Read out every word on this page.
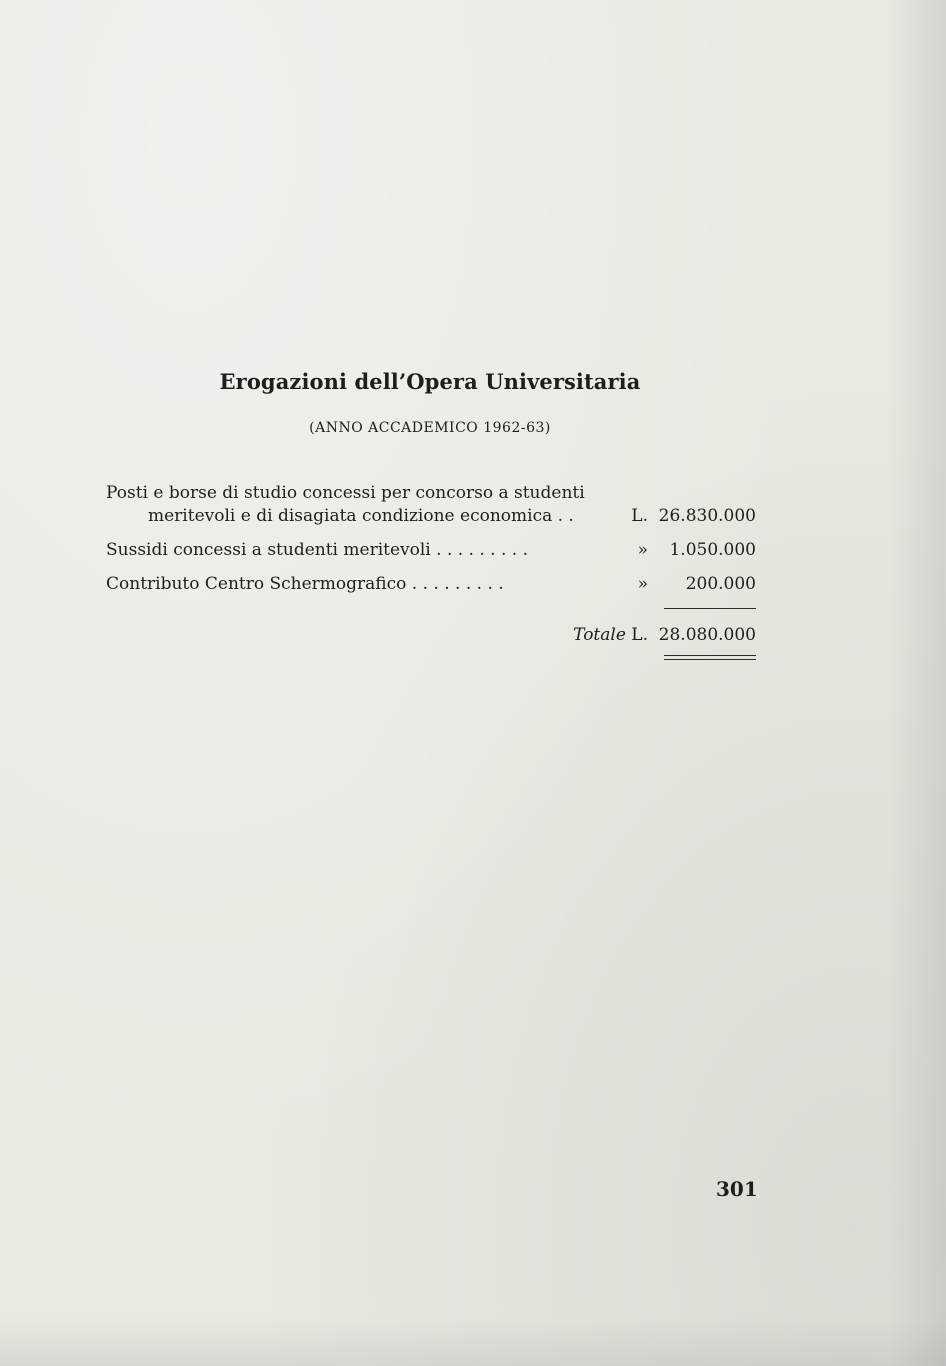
Erogazioni dell’Opera Universitaria
(ANNO ACCADEMICO 1962-63)
Posti e borse di studio concessi per concorso a studenti
meritevoli e di disagiata condizione economica . .	L. 26.830.000
Sussidi concessi a studenti meritevoli . . . . . . . . .	» 1.050.000
Contributo Centro Schermografico . . . . . . . . .	» 200.000
Totale L. 28.080.000
301
